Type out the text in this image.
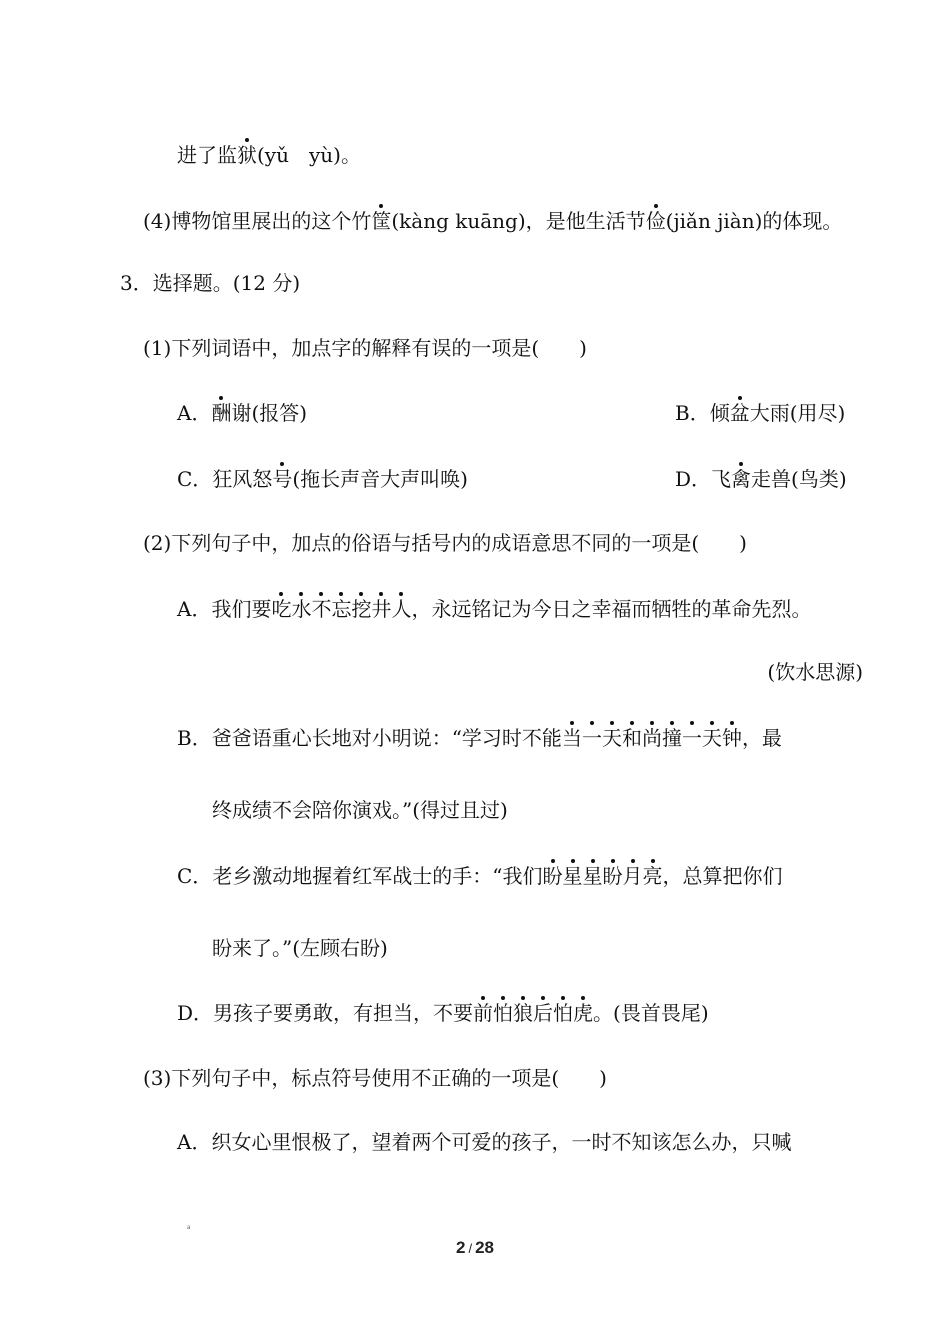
进了监狱(yǔ　yù)。
(4)博物馆里展出的这个竹筐(kàng kuāng)，是他生活节俭(jiǎn jiàn)的体现。
3．选择题。(12 分)
(1)下列词语中，加点字的解释有误的一项是(　　)
A．酬谢(报答)	B．倾盆大雨(用尽)
C．狂风怒号(拖长声音大声叫唤)	D．飞禽走兽(鸟类)
(2)下列句子中，加点的俗语与括号内的成语意思不同的一项是(　　)
A．我们要吃水不忘挖井人，永远铭记为今日之幸福而牺牲的革命先烈。
(饮水思源)
B．爸爸语重心长地对小明说：“学习时不能当一天和尚撞一天钟，最
终成绩不会陪你演戏。”(得过且过)
C．老乡激动地握着红军战士的手：“我们盼星星盼月亮，总算把你们
盼来了。”(左顾右盼)
D．男孩子要勇敢，有担当，不要前怕狼后怕虎。(畏首畏尾)
(3)下列句子中，标点符号使用不正确的一项是(　　)
A．织女心里恨极了，望着两个可爱的孩子，一时不知该怎么办，只喊
a
2 / 28
